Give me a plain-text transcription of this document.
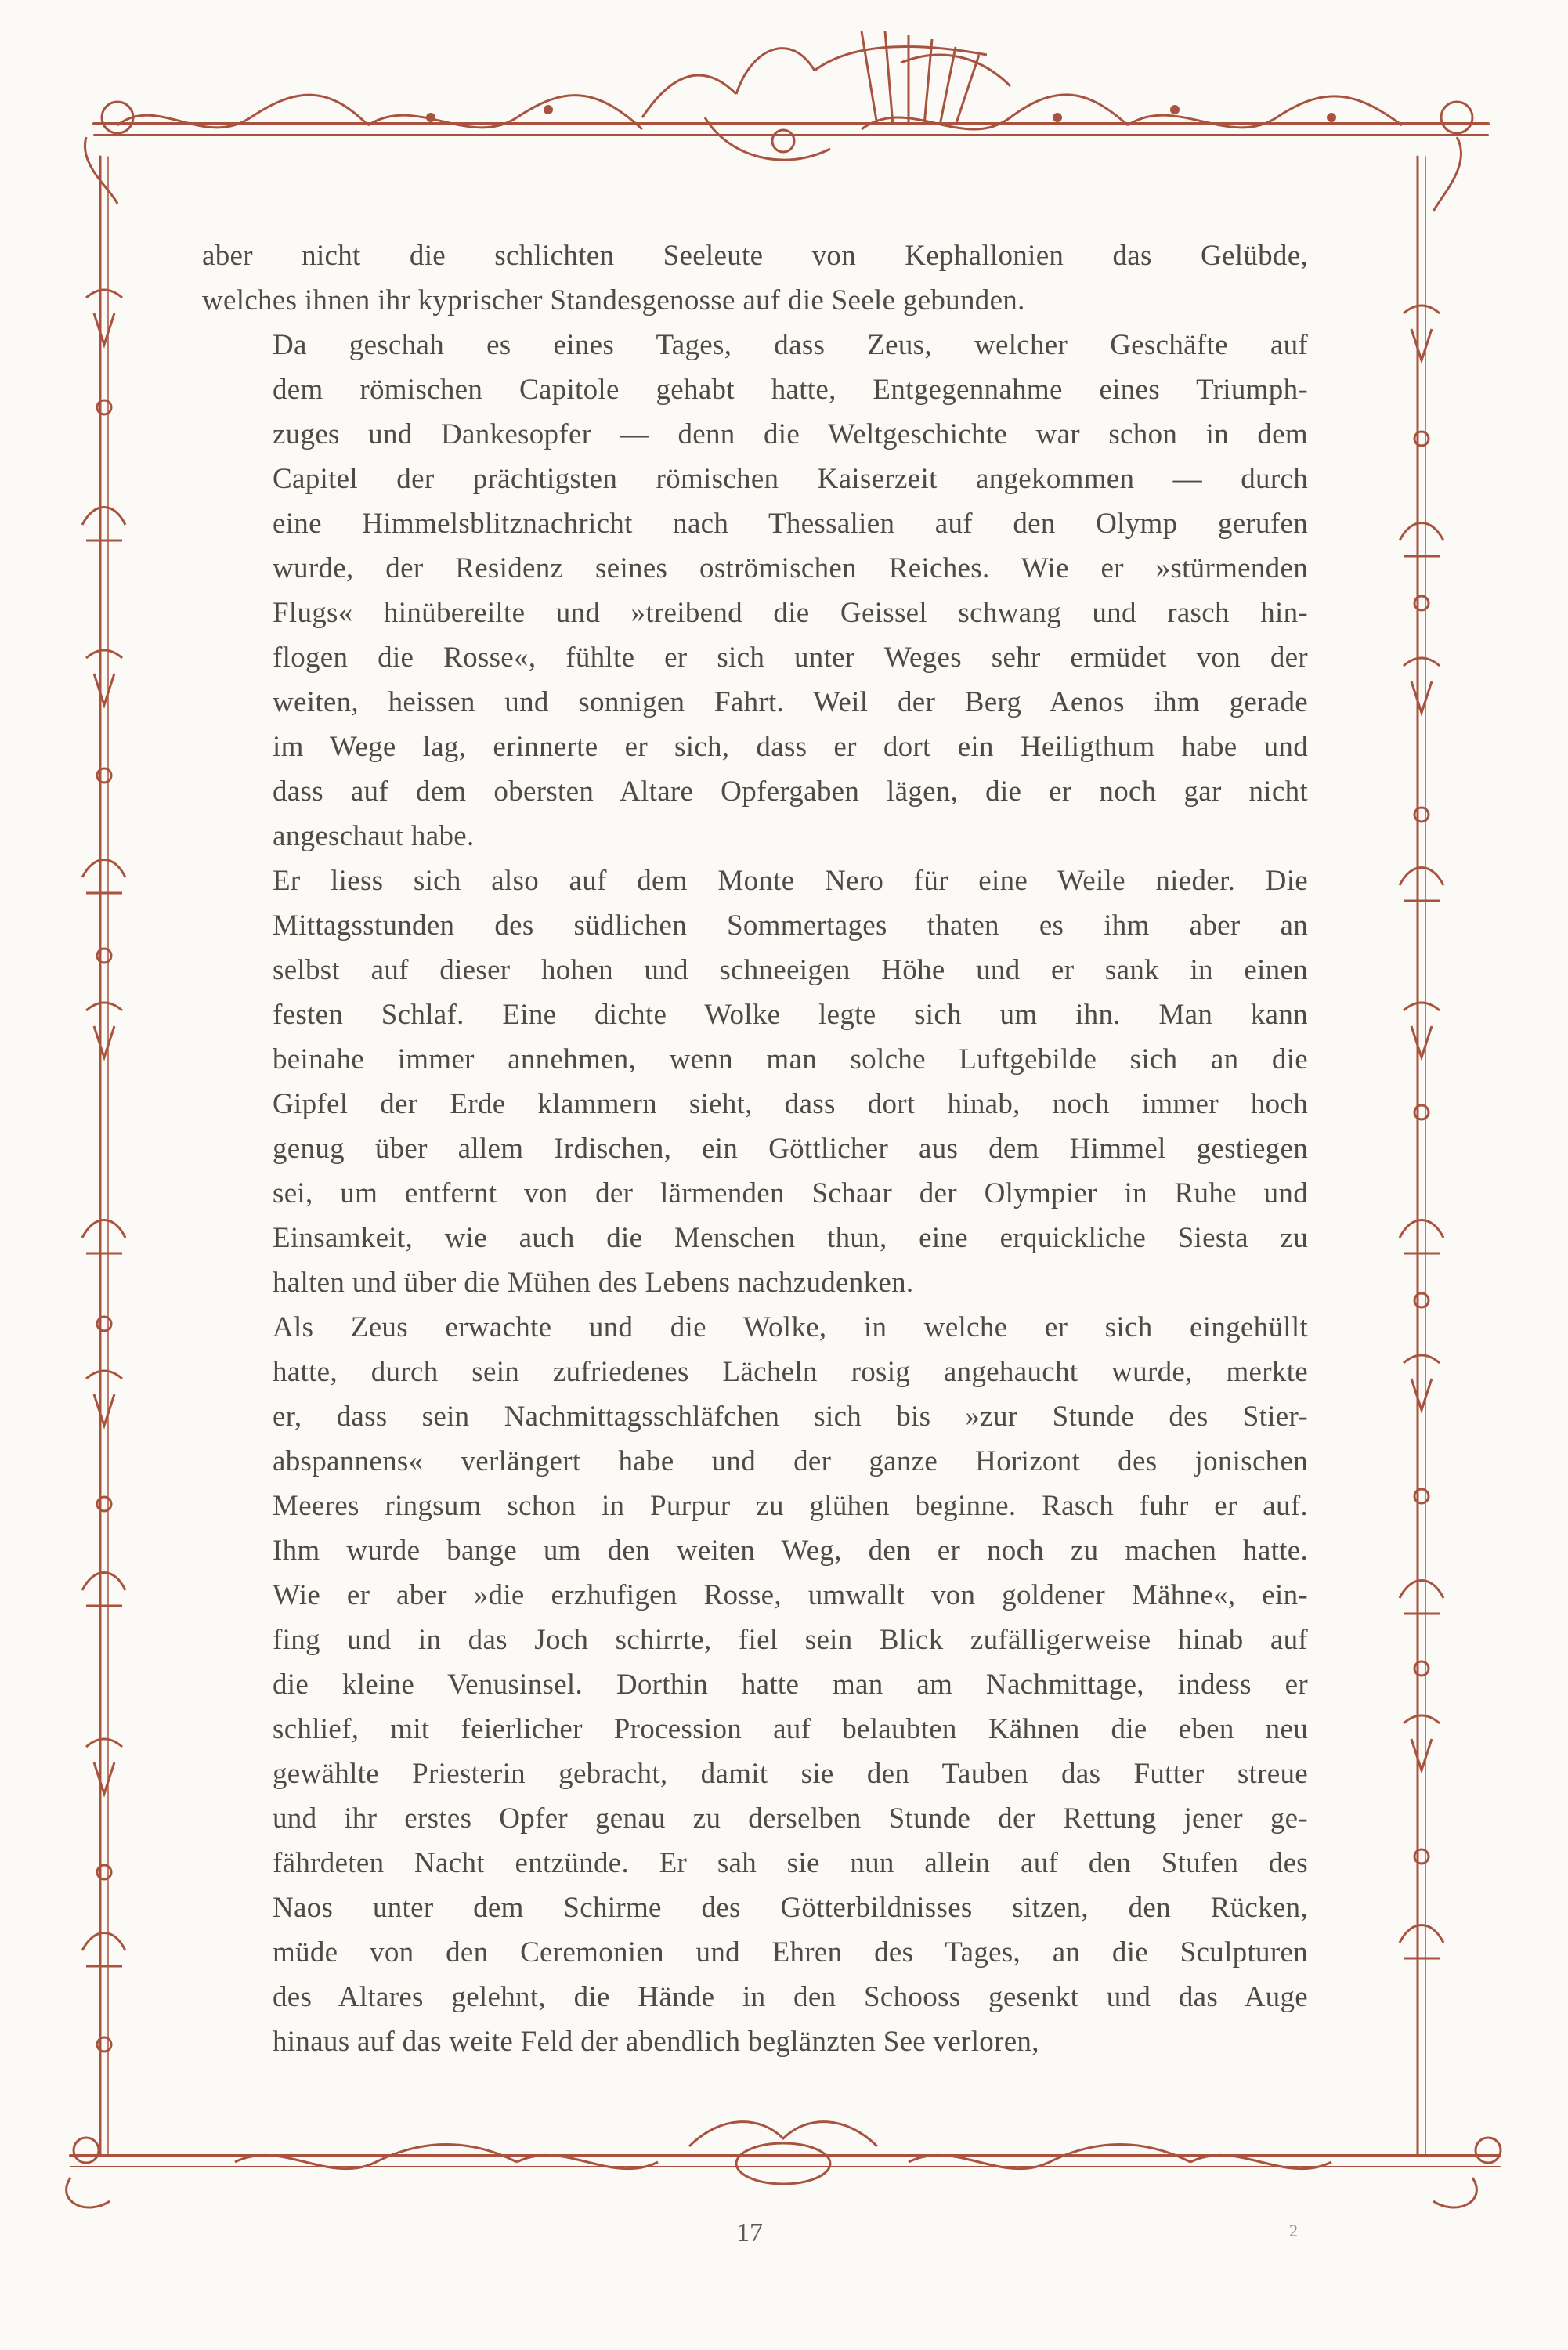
aber nicht die schlichten Seeleute von Kephallonien das Gelübde,
welches ihnen ihr kyprischer Standesgenosse auf die Seele gebunden.
Da geschah es eines Tages, dass Zeus, welcher Geschäfte auf
dem römischen Capitole gehabt hatte, Entgegennahme eines Triumph-
zuges und Dankesopfer — denn die Weltgeschichte war schon in dem
Capitel der prächtigsten römischen Kaiserzeit angekommen — durch
eine Himmelsblitznachricht nach Thessalien auf den Olymp gerufen
wurde, der Residenz seines oströmischen Reiches. Wie er »stürmenden
Flugs« hinübereilte und »treibend die Geissel schwang und rasch hin-
flogen die Rosse«, fühlte er sich unter Weges sehr ermüdet von der
weiten, heissen und sonnigen Fahrt. Weil der Berg Aenos ihm gerade
im Wege lag, erinnerte er sich, dass er dort ein Heiligthum habe und
dass auf dem obersten Altare Opfergaben lägen, die er noch gar nicht
angeschaut habe.
Er liess sich also auf dem Monte Nero für eine Weile nieder. Die
Mittagsstunden des südlichen Sommertages thaten es ihm aber an
selbst auf dieser hohen und schneeigen Höhe und er sank in einen
festen Schlaf. Eine dichte Wolke legte sich um ihn. Man kann
beinahe immer annehmen, wenn man solche Luftgebilde sich an die
Gipfel der Erde klammern sieht, dass dort hinab, noch immer hoch
genug über allem Irdischen, ein Göttlicher aus dem Himmel gestiegen
sei, um entfernt von der lärmenden Schaar der Olympier in Ruhe und
Einsamkeit, wie auch die Menschen thun, eine erquickliche Siesta zu
halten und über die Mühen des Lebens nachzudenken.
Als Zeus erwachte und die Wolke, in welche er sich eingehüllt
hatte, durch sein zufriedenes Lächeln rosig angehaucht wurde, merkte
er, dass sein Nachmittagsschläfchen sich bis »zur Stunde des Stier-
abspannens« verlängert habe und der ganze Horizont des jonischen
Meeres ringsum schon in Purpur zu glühen beginne. Rasch fuhr er auf.
Ihm wurde bange um den weiten Weg, den er noch zu machen hatte.
Wie er aber »die erzhufigen Rosse, umwallt von goldener Mähne«, ein-
fing und in das Joch schirrte, fiel sein Blick zufälligerweise hinab auf
die kleine Venusinsel. Dorthin hatte man am Nachmittage, indess er
schlief, mit feierlicher Procession auf belaubten Kähnen die eben neu
gewählte Priesterin gebracht, damit sie den Tauben das Futter streue
und ihr erstes Opfer genau zu derselben Stunde der Rettung jener ge-
fährdeten Nacht entzünde. Er sah sie nun allein auf den Stufen des
Naos unter dem Schirme des Götterbildnisses sitzen, den Rücken,
müde von den Ceremonien und Ehren des Tages, an die Sculpturen
des Altares gelehnt, die Hände in den Schooss gesenkt und das Auge
hinaus auf das weite Feld der abendlich beglänzten See verloren,
17	2
